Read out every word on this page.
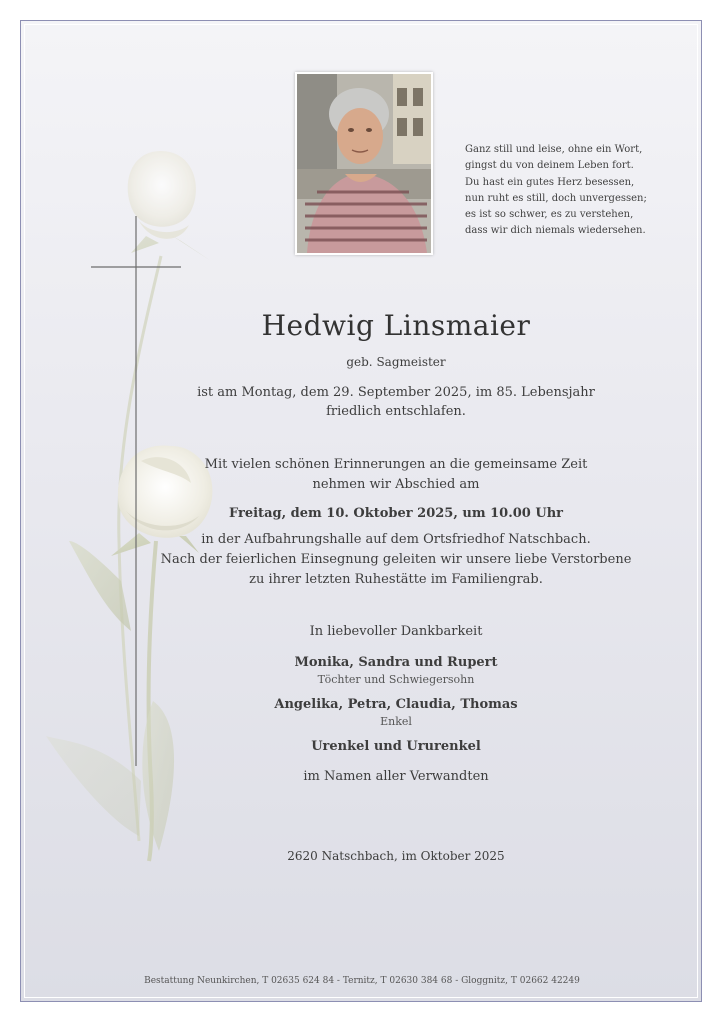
Ganz still und leise, ohne ein Wort,
gingst du von deinem Leben fort.
Du hast ein gutes Herz besessen,
nun ruht es still, doch unvergessen;
es ist so schwer, es zu verstehen,
dass wir dich niemals wiedersehen.
Hedwig Linsmaier
geb. Sagmeister
ist am Montag, dem 29. September 2025, im 85. Lebensjahr
friedlich entschlafen.
Mit vielen schönen Erinnerungen an die gemeinsame Zeit
nehmen wir Abschied am
Freitag, dem 10. Oktober 2025, um 10.00 Uhr
in der Aufbahrungshalle auf dem Ortsfriedhof Natschbach.
Nach der feierlichen Einsegnung geleiten wir unsere liebe Verstorbene
zu ihrer letzten Ruhestätte im Familiengrab.
In liebevoller Dankbarkeit
Monika, Sandra und Rupert
Töchter und Schwiegersohn
Angelika, Petra, Claudia, Thomas
Enkel
Urenkel und Ururenkel
im Namen aller Verwandten
2620 Natschbach, im Oktober 2025
Bestattung Neunkirchen, T 02635 624 84 - Ternitz, T 02630 384 68 - Gloggnitz, T 02662 42249
